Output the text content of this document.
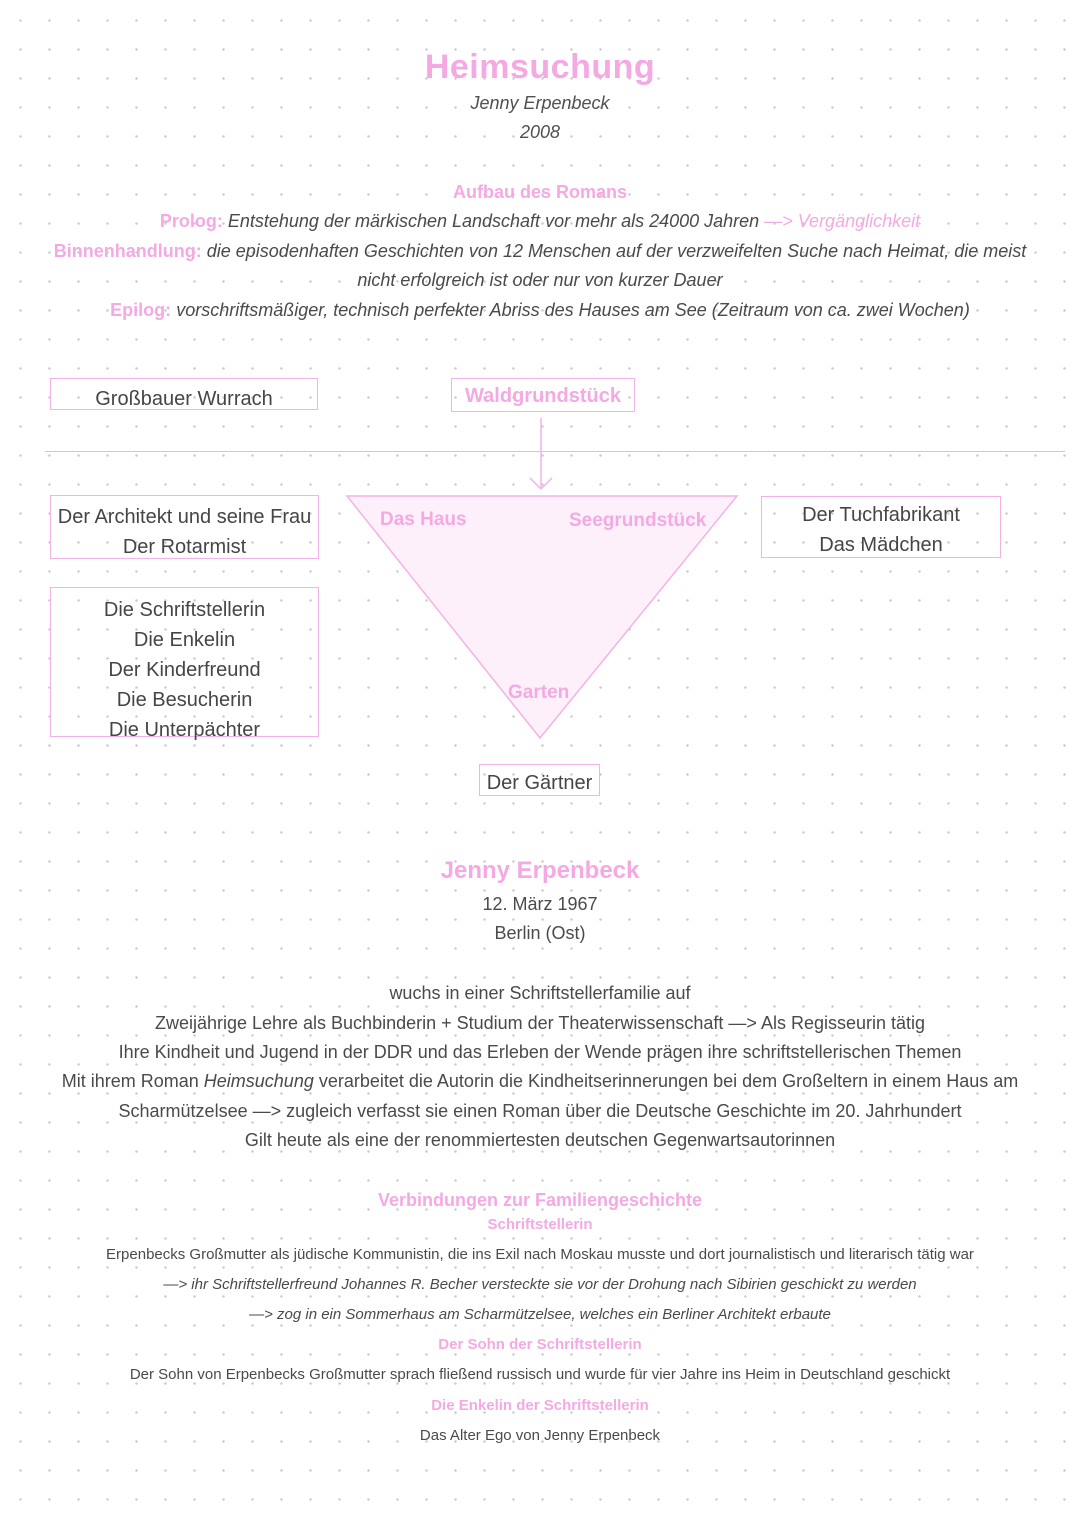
Heimsuchung
Jenny Erpenbeck
2008
Aufbau des Romans
Prolog: Entstehung der märkischen Landschaft vor mehr als 24000 Jahren —> Vergänglichkeit
Binnenhandlung: die episodenhaften Geschichten von 12 Menschen auf der verzweifelten Suche nach Heimat, die meist
nicht erfolgreich ist oder nur von kurzer Dauer
Epilog: vorschriftsmäßiger, technisch perfekter Abriss des Hauses am See (Zeitraum von ca. zwei Wochen)
Großbauer Wurrach	Waldgrundstück
Das Haus	Seegrundstück
Garten
Der Architekt und seine Frau
Der Rotarmist
Der Tuchfabrikant
Das Mädchen
Die Schriftstellerin
Die Enkelin
Der Kinderfreund
Die Besucherin
Die Unterpächter
Der Gärtner
Jenny Erpenbeck
12. März 1967
Berlin (Ost)
wuchs in einer Schriftstellerfamilie auf
Zweijährige Lehre als Buchbinderin + Studium der Theaterwissenschaft —> Als Regisseurin tätig
Ihre Kindheit und Jugend in der DDR und das Erleben der Wende prägen ihre schriftstellerischen Themen
Mit ihrem Roman Heimsuchung verarbeitet die Autorin die Kindheitserinnerungen bei dem Großeltern in einem Haus am
Scharmützelsee —> zugleich verfasst sie einen Roman über die Deutsche Geschichte im 20. Jahrhundert
Gilt heute als eine der renommiertesten deutschen Gegenwartsautorinnen
Verbindungen zur Familiengeschichte
Schriftstellerin
Erpenbecks Großmutter als jüdische Kommunistin, die ins Exil nach Moskau musste und dort journalistisch und literarisch tätig war
—> ihr Schriftstellerfreund Johannes R. Becher versteckte sie vor der Drohung nach Sibirien geschickt zu werden
—> zog in ein Sommerhaus am Scharmützelsee, welches ein Berliner Architekt erbaute
Der Sohn der Schriftstellerin
Der Sohn von Erpenbecks Großmutter sprach fließend russisch und wurde für vier Jahre ins Heim in Deutschland geschickt
Die Enkelin der Schriftstellerin
Das Alter Ego von Jenny Erpenbeck
